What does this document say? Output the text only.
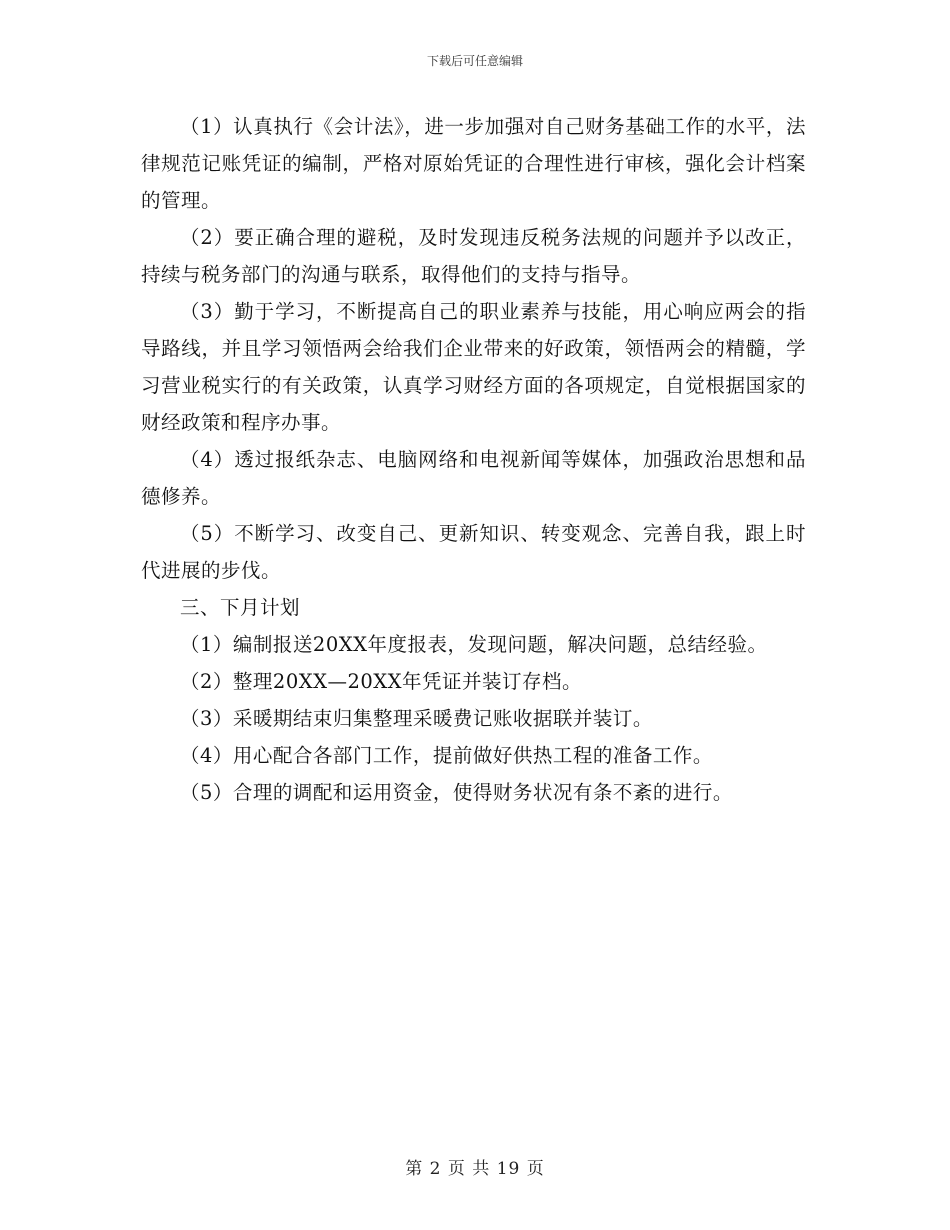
下载后可任意编辑

（1）认真执行《会计法》，进一步加强对自己财务基础工作的水平，法律规范记账凭证的编制，严格对原始凭证的合理性进行审核，强化会计档案的管理。

（2）要正确合理的避税，及时发现违反税务法规的问题并予以改正，持续与税务部门的沟通与联系，取得他们的支持与指导。

（3）勤于学习，不断提高自己的职业素养与技能，用心响应两会的指导路线，并且学习领悟两会给我们企业带来的好政策，领悟两会的精髓，学习营业税实行的有关政策，认真学习财经方面的各项规定，自觉根据国家的财经政策和程序办事。

（4）透过报纸杂志、电脑网络和电视新闻等媒体，加强政治思想和品德修养。

（5）不断学习、改变自己、更新知识、转变观念、完善自我，跟上时代进展的步伐。

三、下月计划

（1）编制报送20XX年度报表，发现问题，解决问题，总结经验。

（2）整理20XX—20XX年凭证并装订存档。

（3）采暖期结束归集整理采暖费记账收据联并装订。

（4）用心配合各部门工作，提前做好供热工程的准备工作。

（5）合理的调配和运用资金，使得财务状况有条不紊的进行。

第 2 页 共 19 页
